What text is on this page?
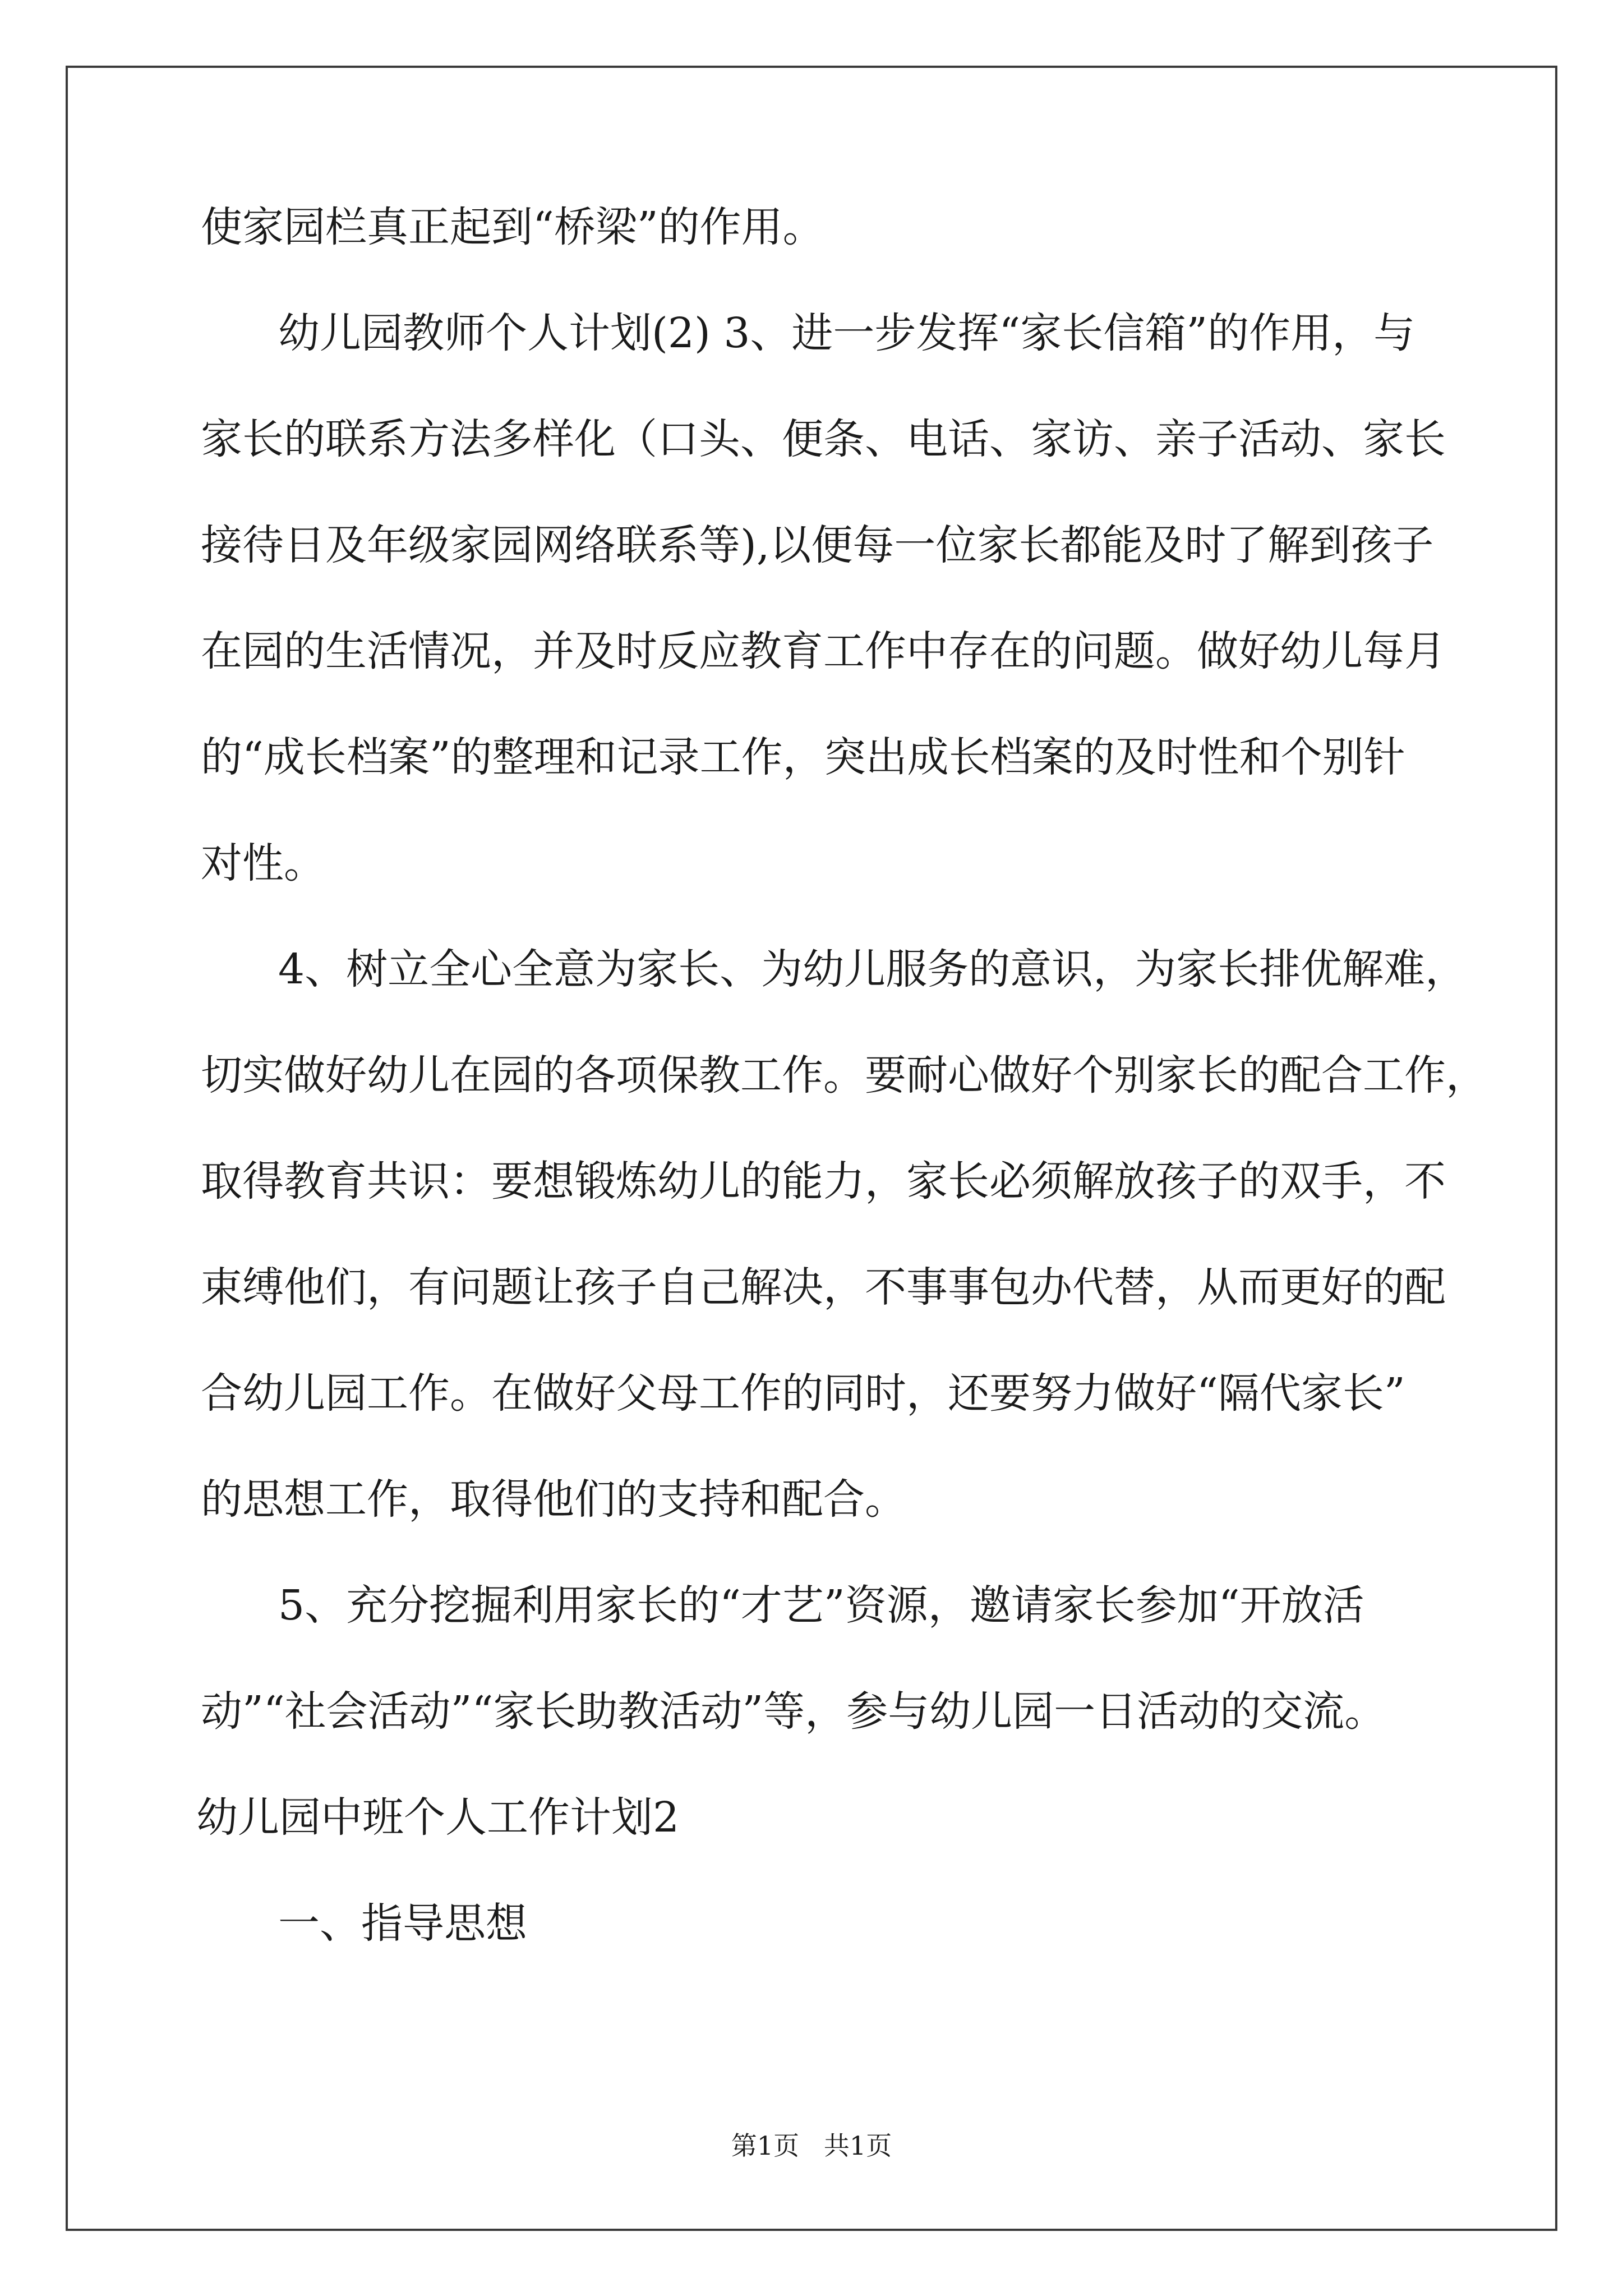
使家园栏真正起到“桥梁”的作用。
幼儿园教师个人计划(2) 3、进一步发挥“家长信箱”的作用，与
家长的联系方法多样化（口头、便条、电话、家访、亲子活动、家长
接待日及年级家园网络联系等),以便每一位家长都能及时了解到孩子
在园的生活情况，并及时反应教育工作中存在的问题。做好幼儿每月
的“成长档案”的整理和记录工作，突出成长档案的及时性和个别针
对性。
4、树立全心全意为家长、为幼儿服务的意识，为家长排优解难，
切实做好幼儿在园的各项保教工作。要耐心做好个别家长的配合工作，
取得教育共识：要想锻炼幼儿的能力，家长必须解放孩子的双手，不
束缚他们，有问题让孩子自己解决，不事事包办代替，从而更好的配
合幼儿园工作。在做好父母工作的同时，还要努力做好“隔代家长”
的思想工作，取得他们的支持和配合。
5、充分挖掘利用家长的“才艺”资源，邀请家长参加“开放活
动”“社会活动”“家长助教活动”等，参与幼儿园一日活动的交流。
幼儿园中班个人工作计划2
一、指导思想
第1页   共1页
